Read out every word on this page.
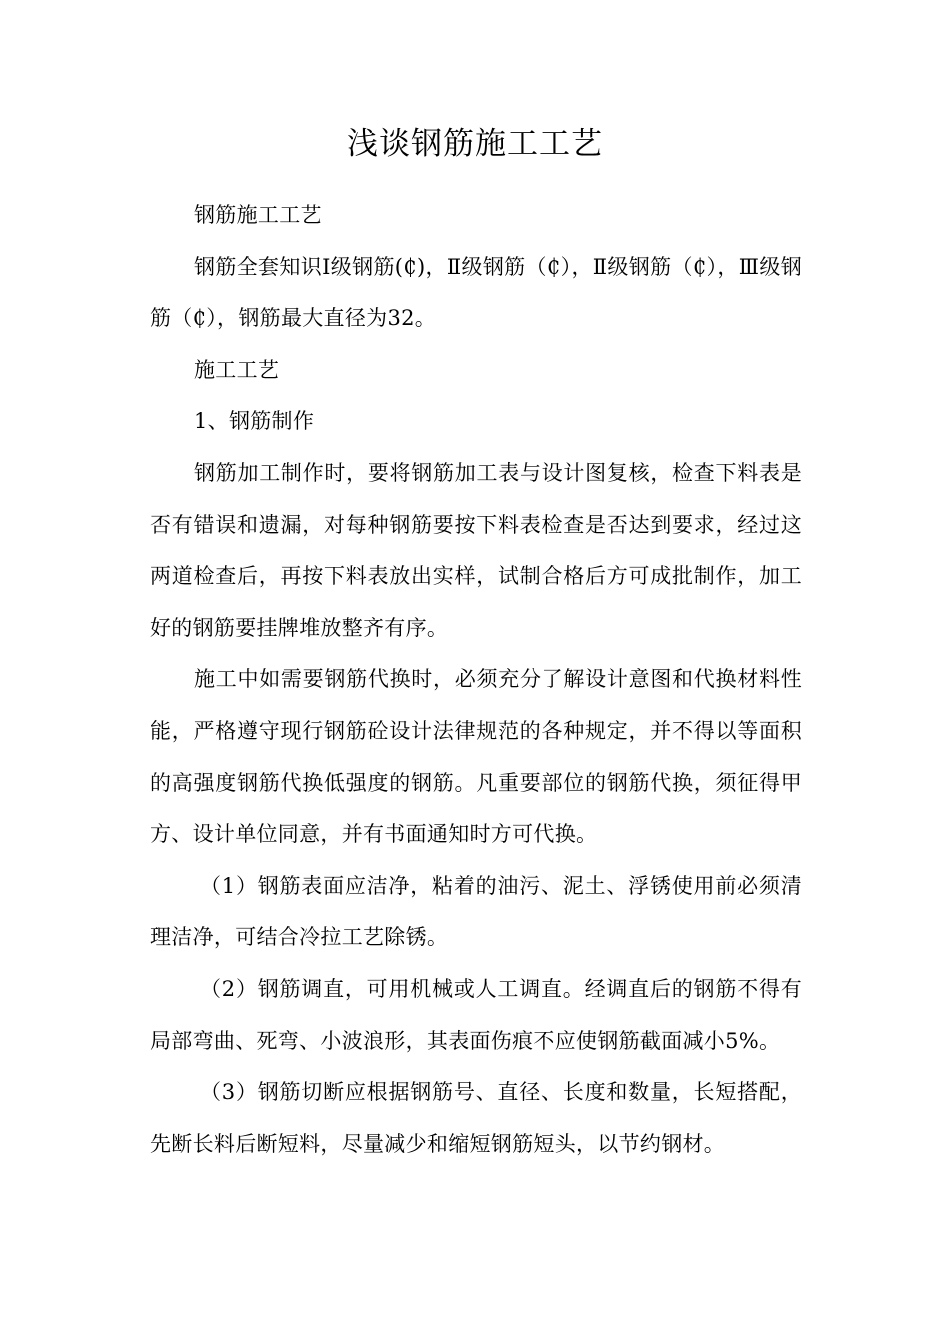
浅谈钢筋施工工艺

钢筋施工工艺

钢筋全套知识Ⅰ级钢筋(₵)，Ⅱ级钢筋（₵），Ⅱ级钢筋（₵），Ⅲ级钢筋（₵），钢筋最大直径为32。

施工工艺

1、钢筋制作

钢筋加工制作时，要将钢筋加工表与设计图复核，检查下料表是否有错误和遗漏，对每种钢筋要按下料表检查是否达到要求，经过这两道检查后，再按下料表放出实样，试制合格后方可成批制作，加工好的钢筋要挂牌堆放整齐有序。

施工中如需要钢筋代换时，必须充分了解设计意图和代换材料性能，严格遵守现行钢筋砼设计法律规范的各种规定，并不得以等面积的高强度钢筋代换低强度的钢筋。凡重要部位的钢筋代换，须征得甲方、设计单位同意，并有书面通知时方可代换。

（1）钢筋表面应洁净，粘着的油污、泥土、浮锈使用前必须清理洁净，可结合冷拉工艺除锈。

（2）钢筋调直，可用机械或人工调直。经调直后的钢筋不得有局部弯曲、死弯、小波浪形，其表面伤痕不应使钢筋截面减小5%。

（3）钢筋切断应根据钢筋号、直径、长度和数量，长短搭配，先断长料后断短料，尽量减少和缩短钢筋短头，以节约钢材。
